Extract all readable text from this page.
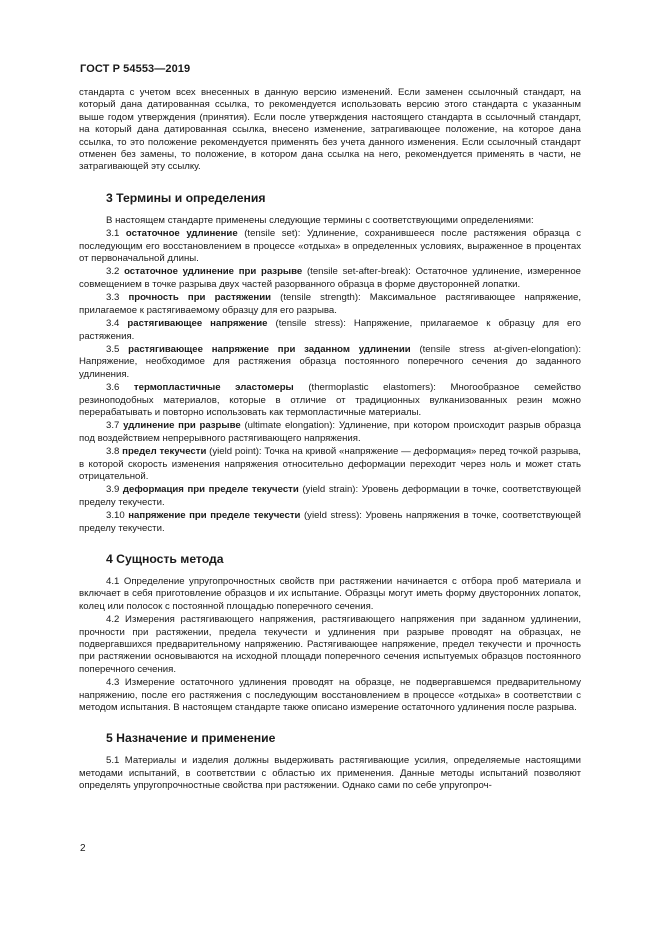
ГОСТ Р 54553—2019

стандарта с учетом всех внесенных в данную версию изменений. Если заменен ссылочный стандарт, на который дана датированная ссылка, то рекомендуется использовать версию этого стандарта с указанным выше годом утверждения (принятия). Если после утверждения настоящего стандарта в ссылочный стандарт, на который дана датированная ссылка, внесено изменение, затрагивающее положение, на которое дана ссылка, то это положение рекомендуется применять без учета данного изменения. Если ссылочный стандарт отменен без замены, то положение, в котором дана ссылка на него, рекомендуется применять в части, не затрагивающей эту ссылку.

3 Термины и определения

В настоящем стандарте применены следующие термины с соответствующими определениями:

3.1 остаточное удлинение (tensile set): Удлинение, сохранившееся после растяжения образца с последующим его восстановлением в процессе «отдыха» в определенных условиях, выраженное в процентах от первоначальной длины.

3.2 остаточное удлинение при разрыве (tensile set-after-break): Остаточное удлинение, измеренное совмещением в точке разрыва двух частей разорванного образца в форме двусторонней лопатки.

3.3 прочность при растяжении (tensile strength): Максимальное растягивающее напряжение, прилагаемое к растягиваемому образцу для его разрыва.

3.4 растягивающее напряжение (tensile stress): Напряжение, прилагаемое к образцу для его растяжения.

3.5 растягивающее напряжение при заданном удлинении (tensile stress at-given-elongation): Напряжение, необходимое для растяжения образца постоянного поперечного сечения до заданного удлинения.

3.6 термопластичные эластомеры (thermoplastic elastomers): Многообразное семейство резиноподобных материалов, которые в отличие от традиционных вулканизованных резин можно перерабатывать и повторно использовать как термопластичные материалы.

3.7 удлинение при разрыве (ultimate elongation): Удлинение, при котором происходит разрыв образца под воздействием непрерывного растягивающего напряжения.

3.8 предел текучести (yield point): Точка на кривой «напряжение — деформация» перед точкой разрыва, в которой скорость изменения напряжения относительно деформации переходит через ноль и может стать отрицательной.

3.9 деформация при пределе текучести (yield strain): Уровень деформации в точке, соответствующей пределу текучести.

3.10 напряжение при пределе текучести (yield stress): Уровень напряжения в точке, соответствующей пределу текучести.

4 Сущность метода

4.1 Определение упругопрочностных свойств при растяжении начинается с отбора проб материала и включает в себя приготовление образцов и их испытание. Образцы могут иметь форму двусторонних лопаток, колец или полосок с постоянной площадью поперечного сечения.

4.2 Измерения растягивающего напряжения, растягивающего напряжения при заданном удлинении, прочности при растяжении, предела текучести и удлинения при разрыве проводят на образцах, не подвергавшихся предварительному напряжению. Растягивающее напряжение, предел текучести и прочность при растяжении основываются на исходной площади поперечного сечения испытуемых образцов постоянного поперечного сечения.

4.3 Измерение остаточного удлинения проводят на образце, не подвергавшемся предварительному напряжению, после его растяжения с последующим восстановлением в процессе «отдыха» в соответствии с методом испытания. В настоящем стандарте также описано измерение остаточного удлинения после разрыва.

5 Назначение и применение

5.1 Материалы и изделия должны выдерживать растягивающие усилия, определяемые настоящими методами испытаний, в соответствии с областью их применения. Данные методы испытаний позволяют определять упругопрочностные свойства при растяжении. Однако сами по себе упругопроч-

2
